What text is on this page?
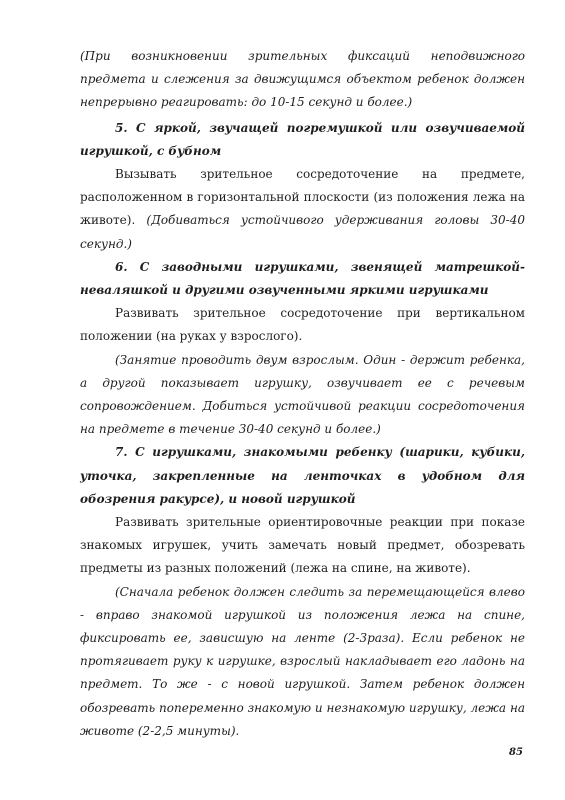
(При возникновении зрительных фиксаций неподвижного предмета и слежения за движущимся объектом ребенок должен непрерывно реагировать: до 10-15 секунд и более.)

5. С яркой, звучащей погремушкой или озвучиваемой игрушкой, с бубном

Вызывать зрительное сосредоточение на предмете, расположенном в горизонтальной плоскости (из положения лежа на животе). (Добиваться устойчивого удерживания головы 30-40 секунд.)

6. С заводными игрушками, звенящей матрешкой-неваляшкой и другими озвученными яркими игрушками

Развивать зрительное сосредоточение при вертикальном положении (на руках у взрослого).

(Занятие проводить двум взрослым. Один - держит ребенка, а другой показывает игрушку, озвучивает ее с речевым сопровождением. Добиться устойчивой реакции сосредоточения на предмете в течение 30-40 секунд и более.)

7. С игрушками, знакомыми ребенку (шарики, кубики, уточка, закрепленные на ленточках в удобном для обозрения ракурсе), и новой игрушкой

Развивать зрительные ориентировочные реакции при показе знакомых игрушек, учить замечать новый предмет, обозревать предметы из разных положений (лежа на спине, на животе).

(Сначала ребенок должен следить за перемещающейся влево - вправо знакомой игрушкой из положения лежа на спине, фиксировать ее, зависшую на ленте (2-3раза). Если ребенок не протягивает руку к игрушке, взрослый накладывает его ладонь на предмет. То же - с новой игрушкой. Затем ребенок должен обозревать попеременно знакомую и незнакомую игрушку, лежа на животе (2-2,5 минуты).

85
